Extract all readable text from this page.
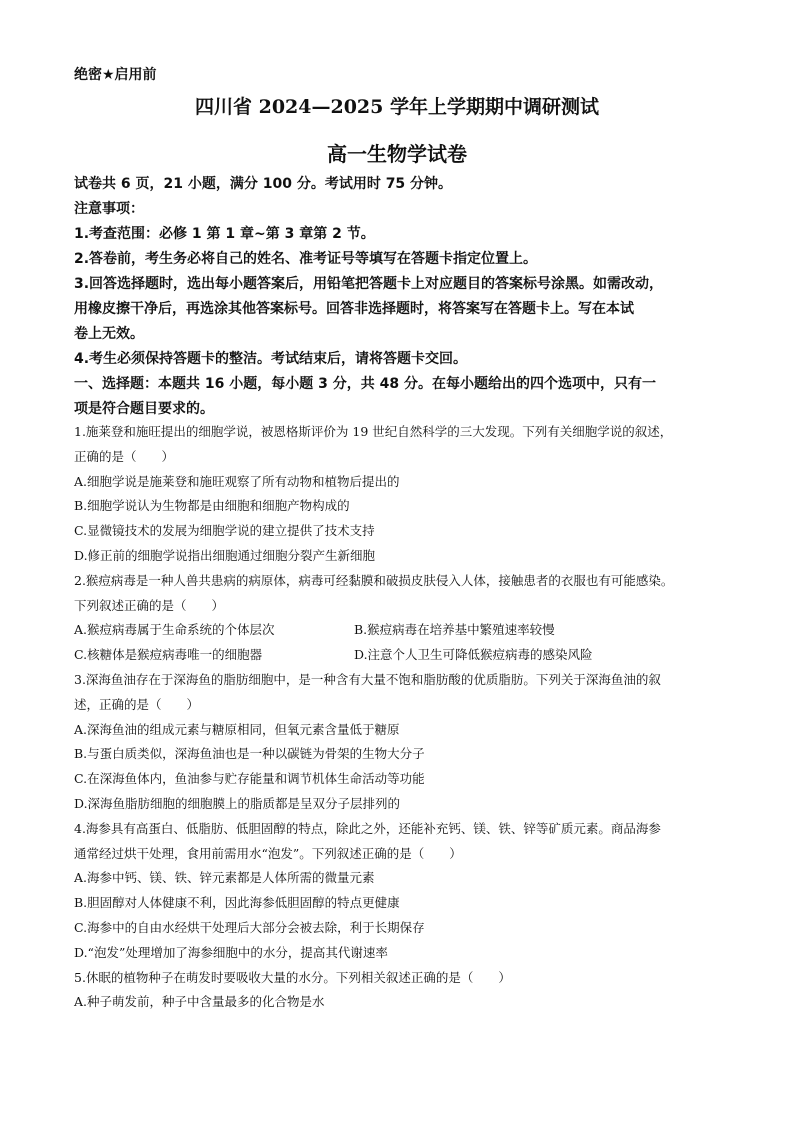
绝密★启用前
四川省 2024—2025 学年上学期期中调研测试
高一生物学试卷
试卷共 6 页，21 小题，满分 100 分。考试用时 75 分钟。
注意事项：
1.考查范围：必修 1 第 1 章~第 3 章第 2 节。
2.答卷前，考生务必将自己的姓名、准考证号等填写在答题卡指定位置上。
3.回答选择题时，选出每小题答案后，用铅笔把答题卡上对应题目的答案标号涂黑。如需改动，
用橡皮擦干净后，再选涂其他答案标号。回答非选择题时，将答案写在答题卡上。写在本试
卷上无效。
4.考生必须保持答题卡的整洁。考试结束后，请将答题卡交回。
一、选择题：本题共 16 小题，每小题 3 分，共 48 分。在每小题给出的四个选项中，只有一
项是符合题目要求的。
1.施莱登和施旺提出的细胞学说，被恩格斯评价为 19 世纪自然科学的三大发现。下列有关细胞学说的叙述，
正确的是（　　）
A.细胞学说是施莱登和施旺观察了所有动物和植物后提出的
B.细胞学说认为生物都是由细胞和细胞产物构成的
C.显微镜技术的发展为细胞学说的建立提供了技术支持
D.修正前的细胞学说指出细胞通过细胞分裂产生新细胞
2.猴痘病毒是一种人兽共患病的病原体，病毒可经黏膜和破损皮肤侵入人体，接触患者的衣服也有可能感染。
下列叙述正确的是（　　）
A.猴痘病毒属于生命系统的个体层次	B.猴痘病毒在培养基中繁殖速率较慢
C.核糖体是猴痘病毒唯一的细胞器	D.注意个人卫生可降低猴痘病毒的感染风险
3.深海鱼油存在于深海鱼的脂肪细胞中，是一种含有大量不饱和脂肪酸的优质脂肪。下列关于深海鱼油的叙
述，正确的是（　　）
A.深海鱼油的组成元素与糖原相同，但氧元素含量低于糖原
B.与蛋白质类似，深海鱼油也是一种以碳链为骨架的生物大分子
C.在深海鱼体内，鱼油参与贮存能量和调节机体生命活动等功能
D.深海鱼脂肪细胞的细胞膜上的脂质都是呈双分子层排列的
4.海参具有高蛋白、低脂肪、低胆固醇的特点，除此之外，还能补充钙、镁、铁、锌等矿质元素。商品海参
通常经过烘干处理，食用前需用水“泡发”。下列叙述正确的是（　　）
A.海参中钙、镁、铁、锌元素都是人体所需的微量元素
B.胆固醇对人体健康不利，因此海参低胆固醇的特点更健康
C.海参中的自由水经烘干处理后大部分会被去除，利于长期保存
D.“泡发”处理增加了海参细胞中的水分，提高其代谢速率
5.休眠的植物种子在萌发时要吸收大量的水分。下列相关叙述正确的是（　　）
A.种子萌发前，种子中含量最多的化合物是水
